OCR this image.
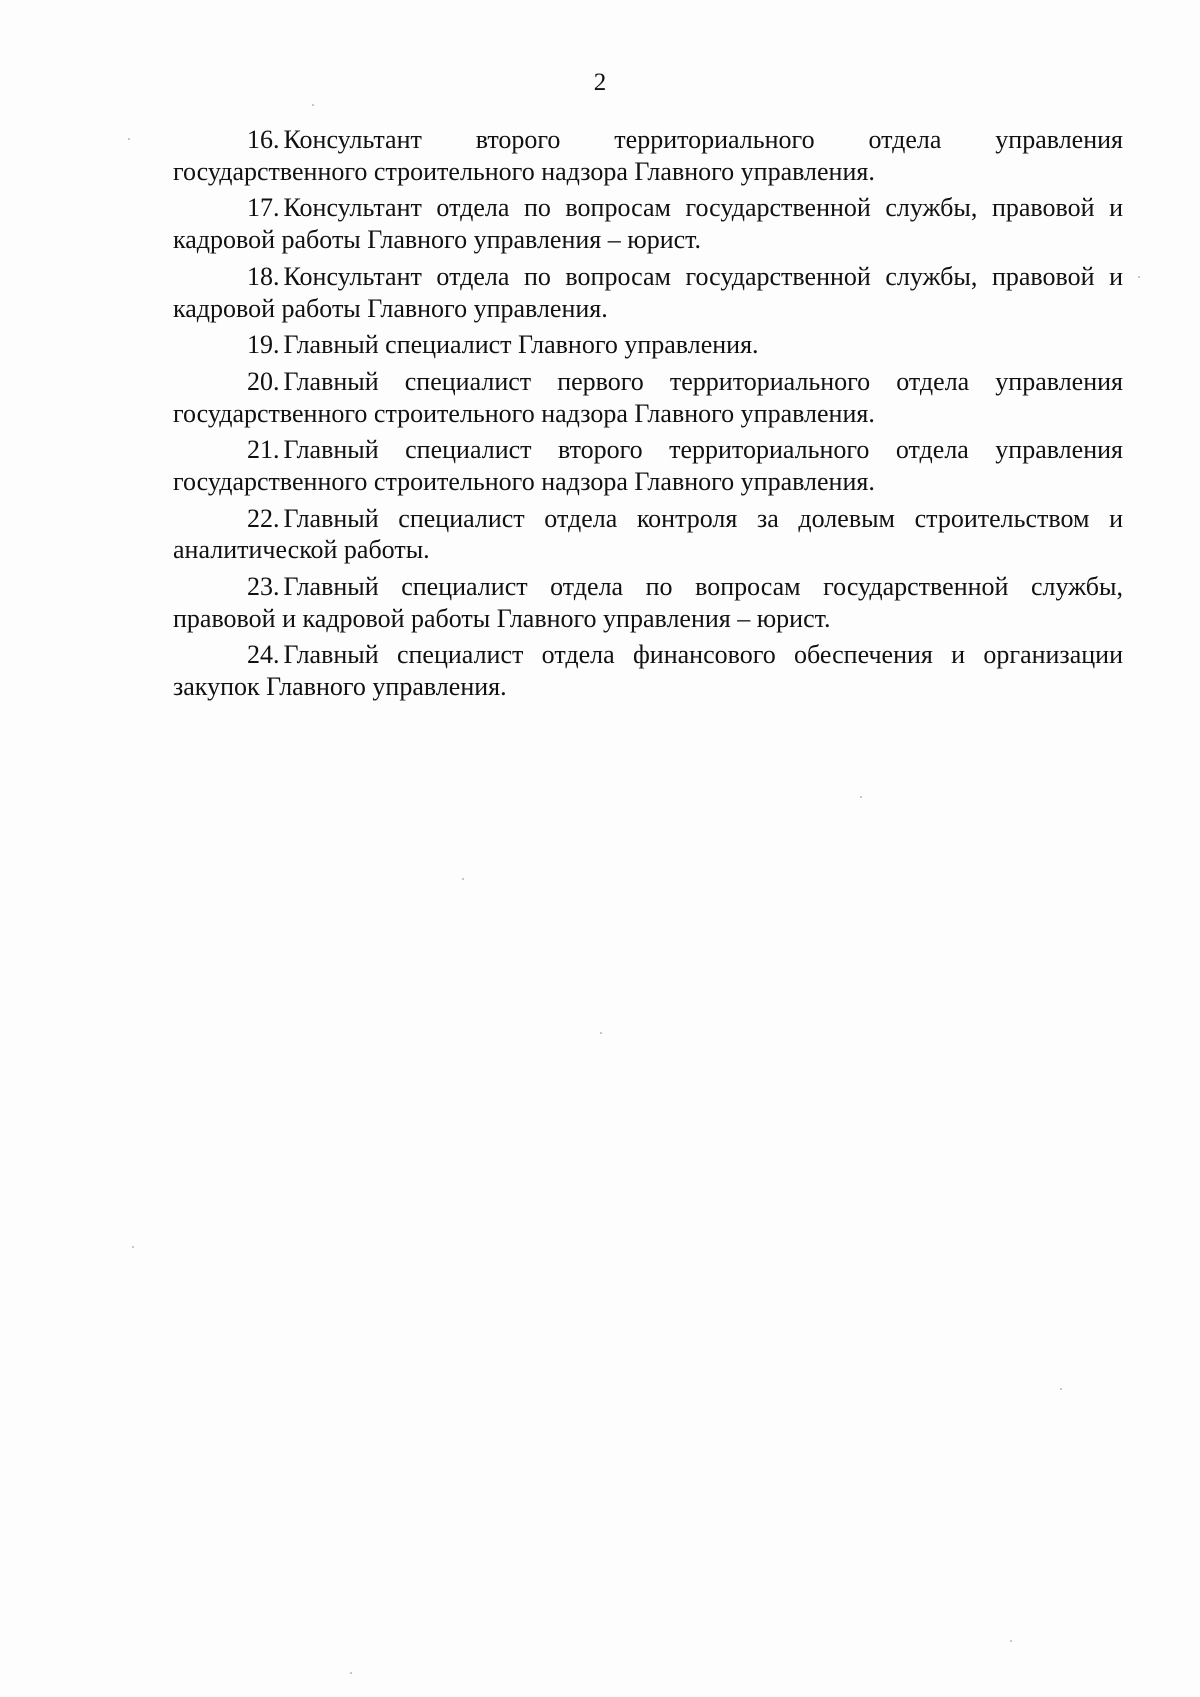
2
16. Консультант второго территориального отдела управления государственного строительного надзора Главного управления.
17. Консультант отдела по вопросам государственной службы, правовой и кадровой работы Главного управления – юрист.
18. Консультант отдела по вопросам государственной службы, правовой и кадровой работы Главного управления.
19. Главный специалист Главного управления.
20. Главный специалист первого территориального отдела управления государственного строительного надзора Главного управления.
21. Главный специалист второго территориального отдела управления государственного строительного надзора Главного управления.
22. Главный специалист отдела контроля за долевым строительством и аналитической работы.
23. Главный специалист отдела по вопросам государственной службы, правовой и кадровой работы Главного управления – юрист.
24. Главный специалист отдела финансового обеспечения и организации закупок Главного управления.
